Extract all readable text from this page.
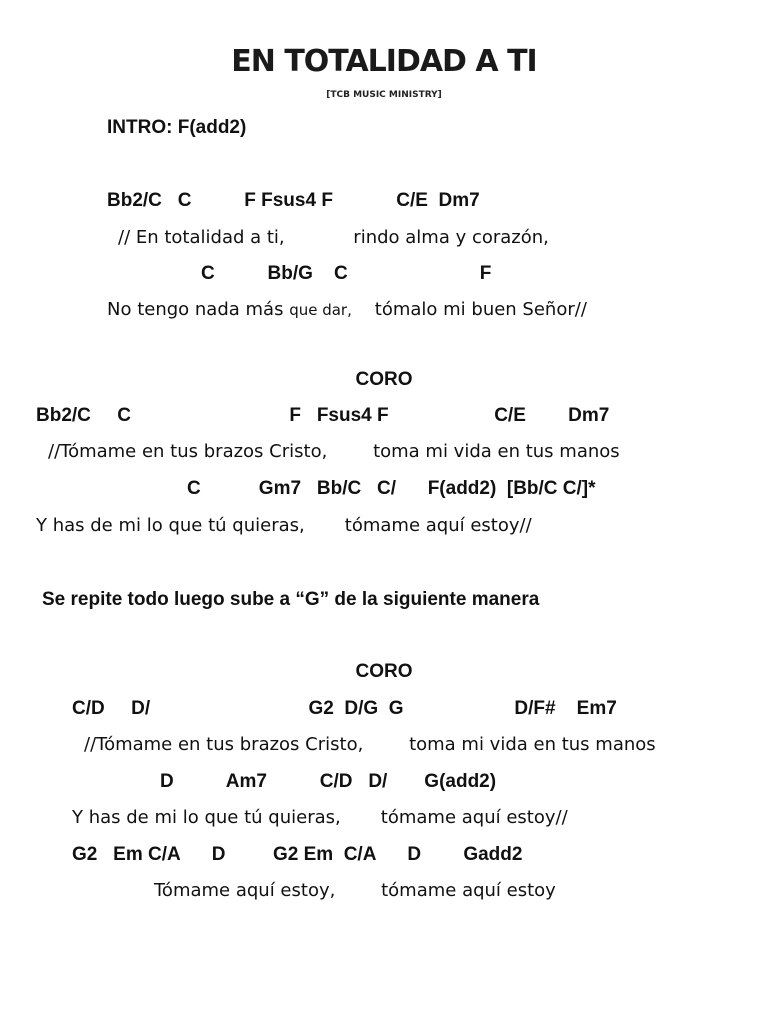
EN TOTALIDAD A TI
[TCB MUSIC MINISTRY]
INTRO: F(add2)
Bb2/C   C          F Fsus4 F            C/E  Dm7
// En totalidad a ti,            rindo alma y corazón,
C          Bb/G    C                         F
No tengo nada más que dar,    tómalo mi buen Señor//
CORO
Bb2/C     C                              F   Fsus4 F                    C/E        Dm7
//Tómame en tus brazos Cristo,        toma mi vida en tus manos
C           Gm7   Bb/C   C/      F(add2)  [Bb/C C/]*
Y has de mi lo que tú quieras,       tómame aquí estoy//
Se repite todo luego sube a “G” de la siguiente manera
CORO
C/D     D/                              G2  D/G  G                     D/F#    Em7
//Tómame en tus brazos Cristo,        toma mi vida en tus manos
D          Am7          C/D   D/       G(add2)
Y has de mi lo que tú quieras,       tómame aquí estoy//
G2   Em C/A      D         G2 Em  C/A      D        Gadd2
Tómame aquí estoy,        tómame aquí estoy
